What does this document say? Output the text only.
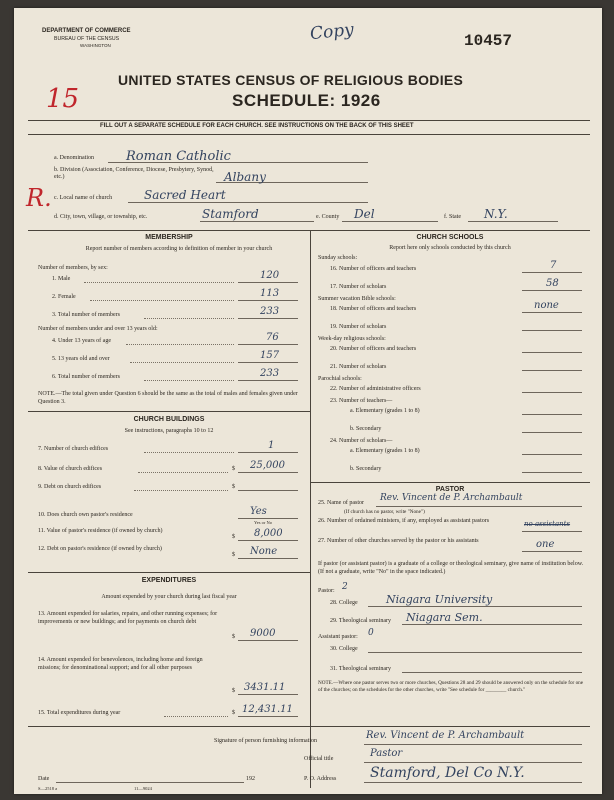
DEPARTMENT OF COMMERCE
BUREAU OF THE CENSUS
WASHINGTON
Copy	10457
UNITED STATES CENSUS OF RELIGIOUS BODIES
SCHEDULE: 1926
15
R.
FILL OUT A SEPARATE SCHEDULE FOR EACH CHURCH. SEE INSTRUCTIONS ON THE BACK OF THIS SHEET
a. Denomination Roman Catholic
b. Division (Association, Conference, Diocese, Presbytery, Synod, etc.)	Albany
c. Local name of church	Sacred Heart
d. City, town, village, or township, etc.	Stamford	e. County Del	f. State N.Y.
MEMBERSHIP
Report number of members according to definition of member in your church
Number of members, by sex:
1. Male	120
2. Female	113
3. Total number of members	233
Number of members under and over 13 years old:
4. Under 13 years of age	76
5. 13 years old and over	157
6. Total number of members	233
NOTE.—The total given under Question 6 should be the same as the total of males and females given under Question 3.
CHURCH BUILDINGS
See instructions, paragraphs 10 to 12
7. Number of church edifices	1
8. Value of church edifices	$ 25,000
9. Debt on church edifices	$
10. Does church own pastor's residence	Yes
Yes or No
11. Value of pastor's residence (if owned by church)
$ 8,000
12. Debt on pastor's residence (if owned by church)
$ None
EXPENDITURES
Amount expended by your church during last fiscal year
13. Amount expended for salaries, repairs, and other running expenses; for improvements or new buildings; and for payments on church debt
$ 9000
14. Amount expended for benevolences, including home and foreign missions; for denominational support; and for all other purposes
$ 3431.11
15. Total expenditures during year	$ 12,431.11
CHURCH SCHOOLS
Report here only schools conducted by this church
Sunday schools:
16. Number of officers and teachers	7
17. Number of scholars	58
Summer vacation Bible schools:
18. Number of officers and teachers	none
19. Number of scholars
Week-day religious schools:
20. Number of officers and teachers
21. Number of scholars
Parochial schools:
22. Number of administrative officers
23. Number of teachers—
a. Elementary (grades 1 to 8)
b. Secondary
24. Number of scholars—
a. Elementary (grades 1 to 8)
b. Secondary
PASTOR
25. Name of pastor Rev. Vincent de P. Archambault
(If church has no pastor, write "None")
26. Number of ordained ministers, if any, employed as assistant pastors	no assistants
27. Number of other churches served by the pastor or his assistants	one
If pastor (or assistant pastor) is a graduate of a college or theological seminary, give name of institution below. (If not a graduate, write "No" in the space indicated.)
Pastor: 2
28. College	Niagara University
29. Theological seminary Niagara Sem.
Assistant pastor: 0
30. College
31. Theological seminary
NOTE.—Where one pastor serves two or more churches, Questions 28 and 29 should be answered only on the schedule for one of the churches; on the schedules for the other churches, write "See schedule for ________ church."
Signature of person furnishing information	Rev. Vincent de P. Archambault
Official title	Pastor
Date	192	P. O. Address Stamford, Del Co N.Y.
S—2518 a	11—9024
